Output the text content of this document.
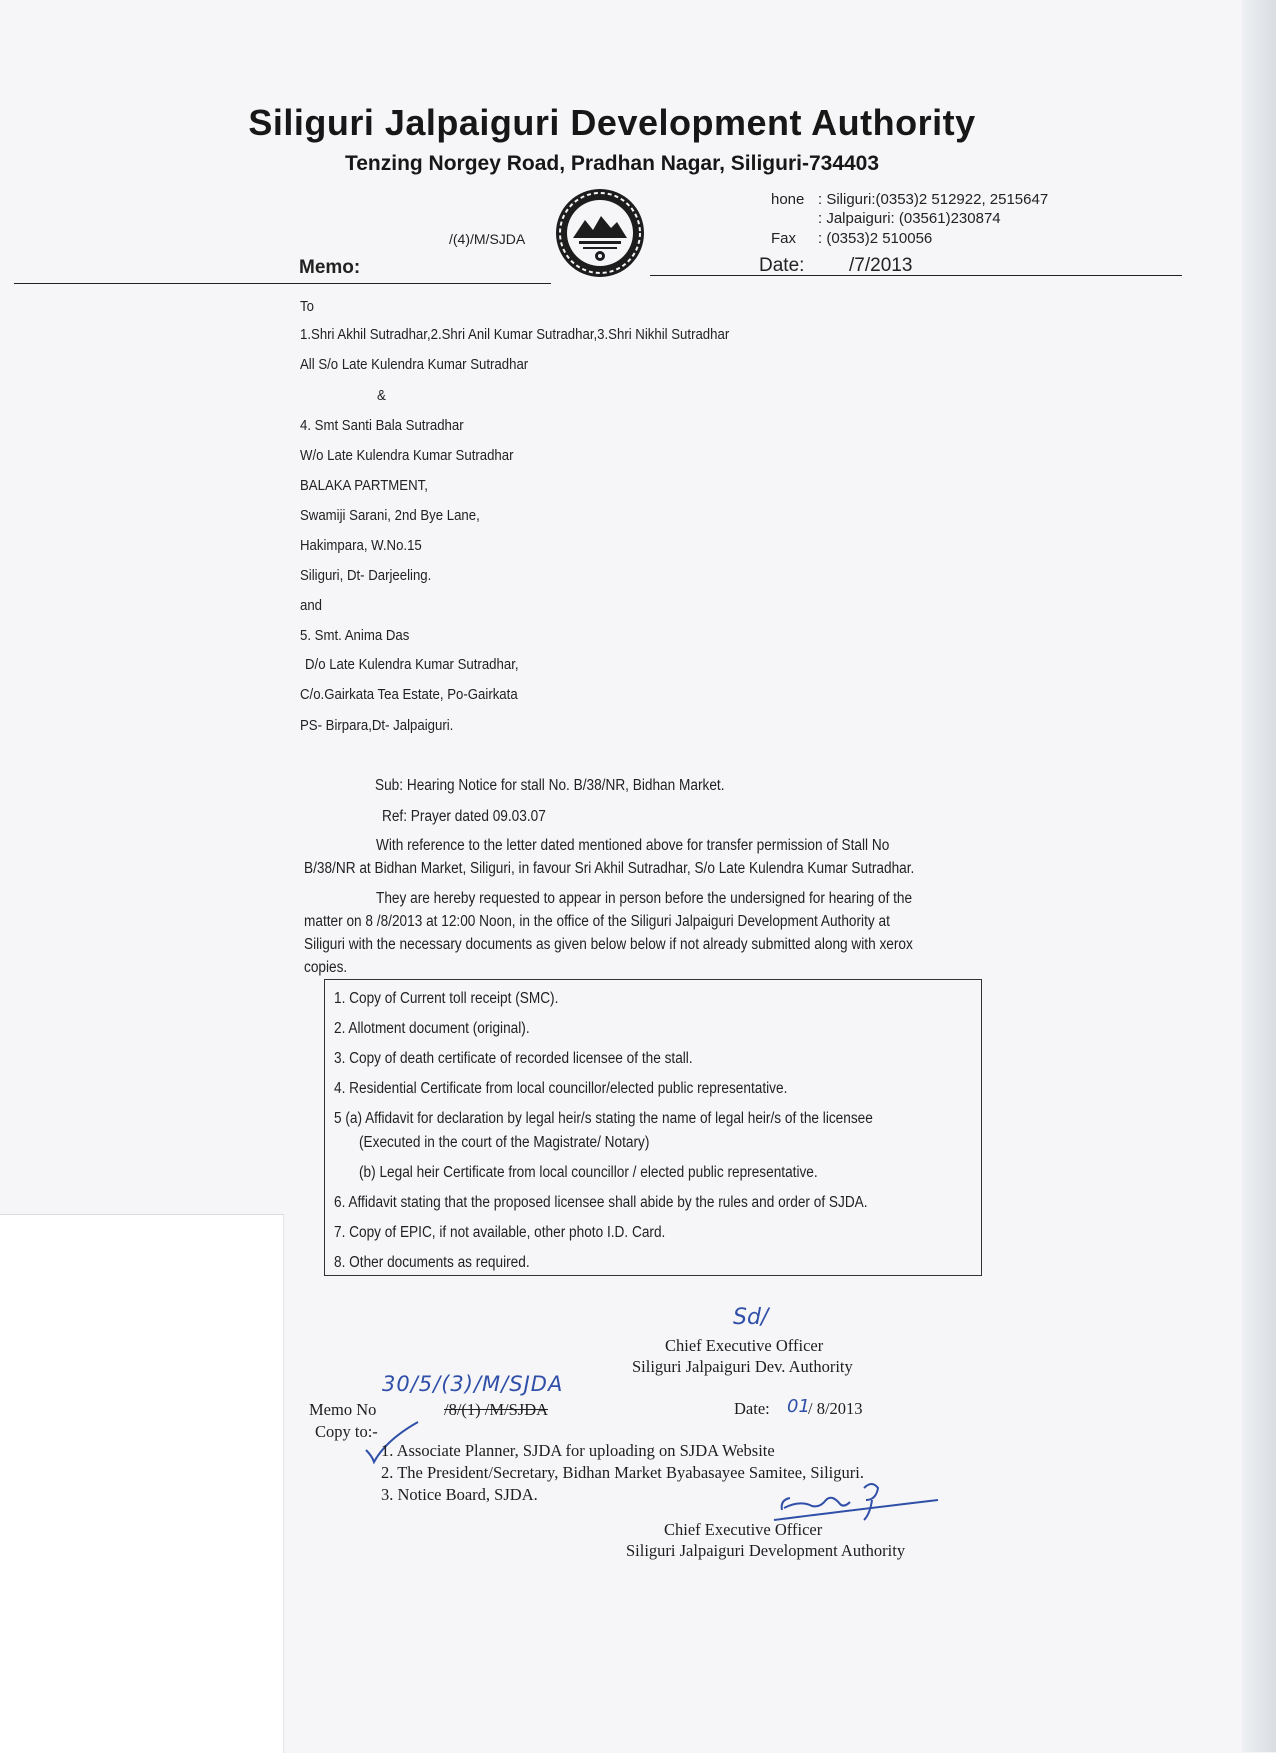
Siliguri Jalpaiguri Development Authority
Tenzing Norgey Road, Pradhan Nagar, Siliguri-734403
hone : Siliguri:(0353)2 512922, 2515647
: Jalpaiguri: (03561)230874
Fax : (0353)2 510056
/(4)/M/SJDA
Memo:	Date: /7/2013
To
1.Shri Akhil Sutradhar,2.Shri Anil Kumar Sutradhar,3.Shri Nikhil Sutradhar
All S/o Late Kulendra Kumar Sutradhar
&
4. Smt Santi Bala Sutradhar
W/o Late Kulendra Kumar Sutradhar
BALAKA PARTMENT,
Swamiji Sarani, 2nd Bye Lane,
Hakimpara, W.No.15
Siliguri, Dt- Darjeeling.
and
5. Smt. Anima Das
D/o Late Kulendra Kumar Sutradhar,
C/o.Gairkata Tea Estate, Po-Gairkata
PS- Birpara,Dt- Jalpaiguri.
Sub: Hearing Notice for stall No. B/38/NR, Bidhan Market.
Ref: Prayer dated 09.03.07
With reference to the letter dated mentioned above for transfer permission of Stall No
B/38/NR at Bidhan Market, Siliguri, in favour Sri Akhil Sutradhar, S/o Late Kulendra Kumar Sutradhar.
They are hereby requested to appear in person before the undersigned for hearing of the
matter on 8 /8/2013 at 12:00 Noon, in the office of the Siliguri Jalpaiguri Development Authority at
Siliguri with the necessary documents as given below below if not already submitted along with xerox
copies.
1. Copy of Current toll receipt (SMC).
2. Allotment document (original).
3. Copy of death certificate of recorded licensee of the stall.
4. Residential Certificate from local councillor/elected public representative.
5 (a) Affidavit for declaration by legal heir/s stating the name of legal heir/s of the licensee
(Executed in the court of the Magistrate/ Notary)
(b) Legal heir Certificate from local councillor / elected public representative.
6. Affidavit stating that the proposed licensee shall abide by the rules and order of SJDA.
7. Copy of EPIC, if not available, other photo I.D. Card.
8. Other documents as required.
Sd/
Chief Executive Officer
Siliguri Jalpaiguri Dev. Authority
30/5/(3)/M/SJDA
Memo No	/8/(1) /M/SJDA	Date: 01
/ 8/2013
Copy to:-
1. Associate Planner, SJDA for uploading on SJDA Website
2. The President/Secretary, Bidhan Market Byabasayee Samitee, Siliguri.
3. Notice Board, SJDA.
Chief Executive Officer
Siliguri Jalpaiguri Development Authority
